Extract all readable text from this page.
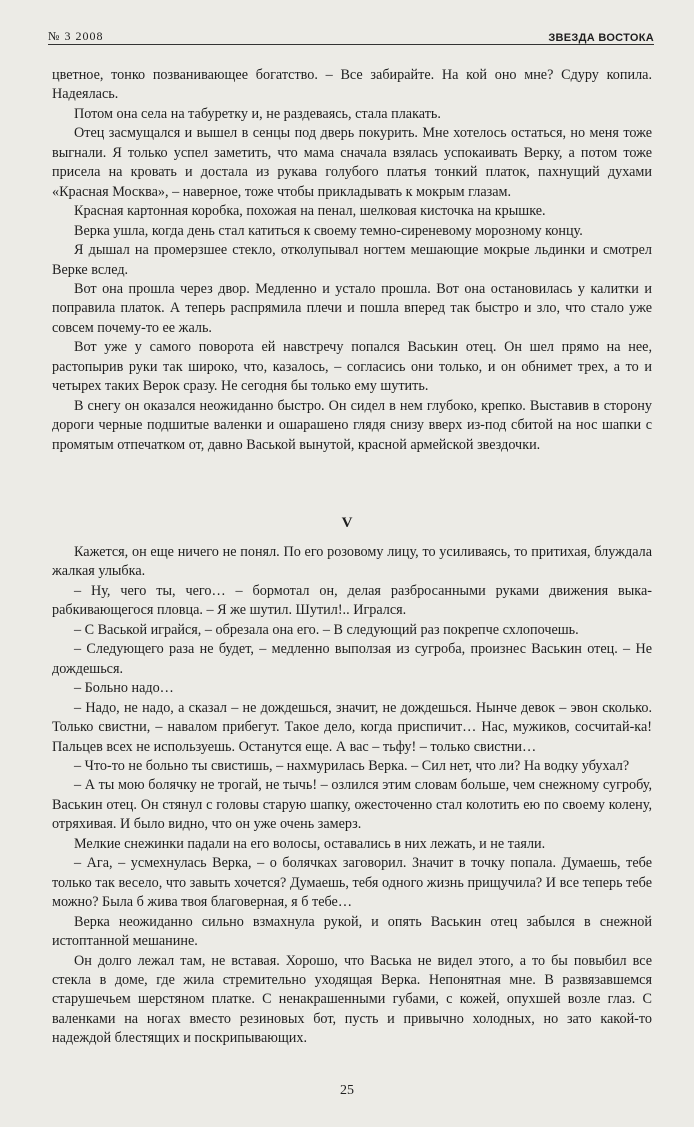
№ 3 2008	ЗВЕЗДА ВОСТОКА

цветное, тонко позванивающее богатство. – Все забирайте. На кой оно мне? Сдуру копила. Надеялась.

Потом она села на табуретку и, не раздеваясь, стала плакать.

Отец засмущался и вышел в сенцы под дверь покурить. Мне хотелось остаться, но меня тоже выгнали. Я только успел заметить, что мама сначала взялась успокаивать Верку, а потом тоже присела на кровать и достала из рукава голубого платья тонкий платок, пахнущий духами «Красная Москва», – наверное, тоже чтобы прикладывать к мокрым глазам.

Красная картонная коробка, похожая на пенал, шелковая кисточка на крышке.

Верка ушла, когда день стал катиться к своему темно-сиреневому морозному концу.

Я дышал на промерзшее стекло, отколупывал ногтем мешающие мокрые льдинки и смотрел Верке вслед.

Вот она прошла через двор. Медленно и устало прошла. Вот она остановилась у калитки и поправила платок. А теперь распрямила плечи и пошла вперед так быстро и зло, что стало уже совсем почему-то ее жаль.

Вот уже у самого поворота ей навстречу попался Васькин отец. Он шел прямо на нее, растопырив руки так широко, что, казалось, – согласись они только, и он обнимет трех, а то и четырех таких Верок сразу. Не сегодня бы только ему шутить.

В снегу он оказался неожиданно быстро. Он сидел в нем глубоко, крепко. Выставив в сторону дороги черные подшитые валенки и ошарашено глядя снизу вверх из-под сбитой на нос шапки с промятым отпечатком от, давно Васькой вынутой, красной армейской звездочки.

V

Кажется, он еще ничего не понял. По его розовому лицу, то усиливаясь, то притихая, блуждала жалкая улыбка.

– Ну, чего ты, чего… – бормотал он, делая разбросанными руками движения выкарабкивающегося пловца. – Я же шутил. Шутил!.. Игрался.

– С Васькой играйся, – обрезала она его. – В следующий раз покрепче схлопочешь.

– Следующего раза не будет, – медленно выползая из сугроба, произнес Васькин отец. – Не дождешься.

– Больно надо…

– Надо, не надо, а сказал – не дождешься, значит, не дождешься. Нынче девок – эвон сколько. Только свистни, – навалом прибегут. Такое дело, когда приспичит… Нас, мужиков, сосчитай-ка! Пальцев всех не используешь. Останутся еще. А вас – тьфу! – только свистни…

– Что-то не больно ты свистишь, – нахмурилась Верка. – Сил нет, что ли? На водку убухал?

– А ты мою болячку не трогай, не тычь! – озлился этим словам больше, чем снежному сугробу, Васькин отец. Он стянул с головы старую шапку, ожесточенно стал колотить ею по своему колену, отряхивая. И было видно, что он уже очень замерз.

Мелкие снежинки падали на его волосы, оставались в них лежать, и не таяли.

– Ага, – усмехнулась Верка, – о болячках заговорил. Значит в точку попала. Думаешь, тебе только так весело, что завыть хочется? Думаешь, тебя одного жизнь прищучила? И все теперь тебе можно? Была б жива твоя благоверная, я б тебе…

Верка неожиданно сильно взмахнула рукой, и опять Васькин отец забылся в снежной истоптанной мешанине.

Он долго лежал там, не вставая. Хорошо, что Васька не видел этого, а то бы повыбил все стекла в доме, где жила стремительно уходящая Верка. Непонятная мне. В развязавшемся старушечьем шерстяном платке. С ненакрашенными губами, с кожей, опухшей возле глаз. С валенками на ногах вместо резиновых бот, пусть и привычно холодных, но зато какой-то надеждой блестящих и поскрипывающих.

25
